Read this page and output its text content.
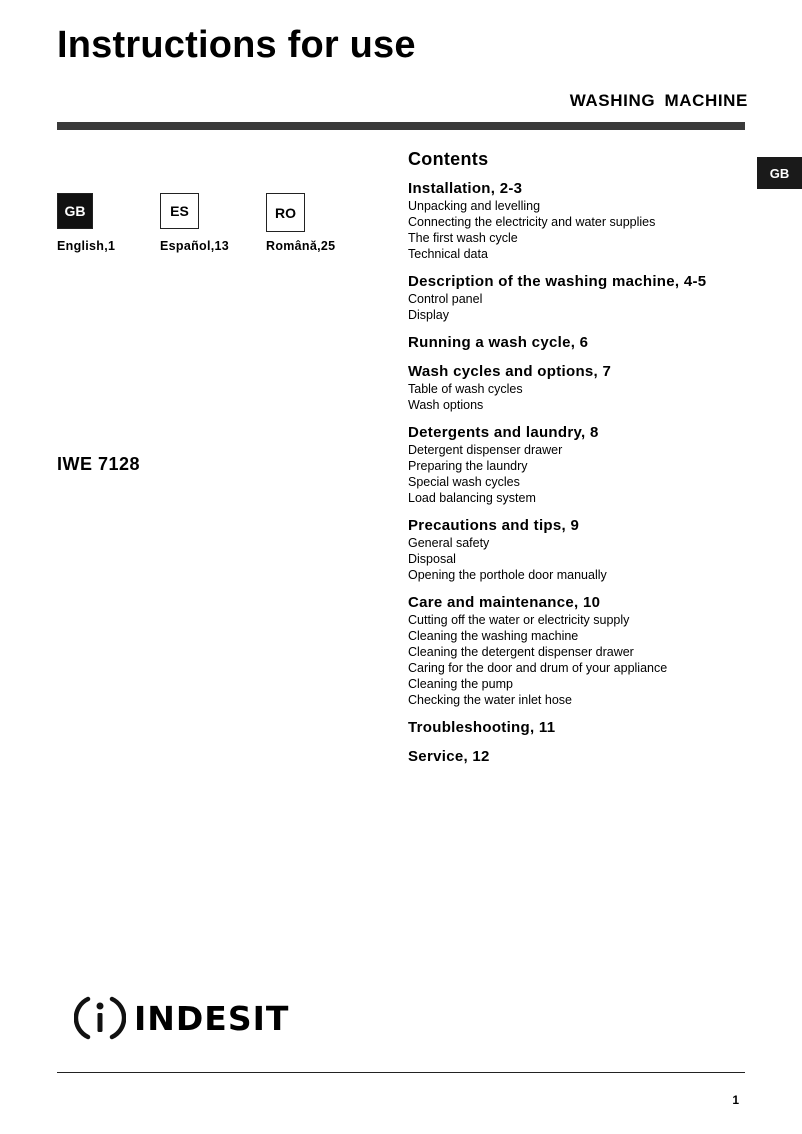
Instructions for use
WASHING MACHINE
GB
GB
English,1
ES
Español,13
RO
Română,25
IWE 7128
Contents
Installation, 2-3
Unpacking and levelling
Connecting the electricity and water supplies
The first wash cycle
Technical data
Description of the washing machine, 4-5
Control panel
Display
Running a wash cycle, 6
Wash cycles and options, 7
Table of wash cycles
Wash options
Detergents and laundry, 8
Detergent dispenser drawer
Preparing the laundry
Special wash cycles
Load balancing system
Precautions and tips, 9
General safety
Disposal
Opening the porthole door manually
Care and maintenance, 10
Cutting off the water or electricity supply
Cleaning the washing machine
Cleaning the detergent dispenser drawer
Caring for the door and drum of your appliance
Cleaning the pump
Checking the water inlet hose
Troubleshooting, 11
Service, 12
INDESIT
1
